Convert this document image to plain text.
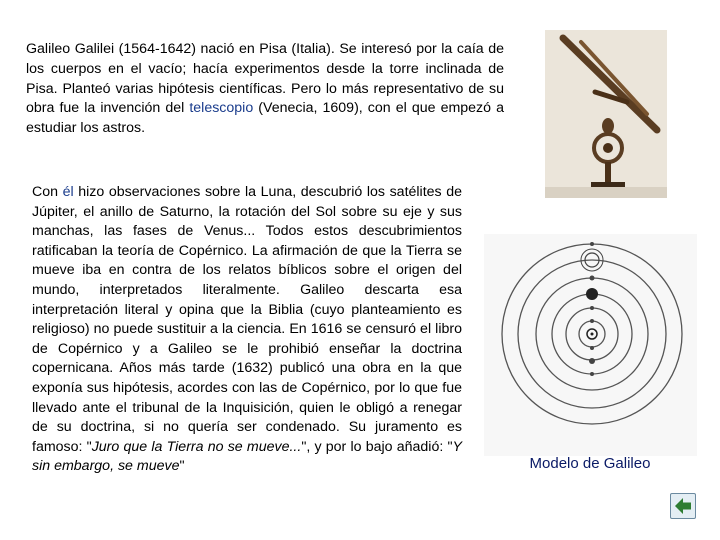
Galileo Galilei (1564-1642) nació en Pisa (Italia). Se interesó por la caía de los cuerpos en el vacío; hacía experimentos desde la torre inclinada de Pisa. Planteó varias hipótesis científicas. Pero lo más representativo de su obra fue la invención del telescopio (Venecia, 1609), con el que empezó a estudiar los astros.

Con él hizo observaciones sobre la Luna, descubrió los satélites de Júpiter, el anillo de Saturno, la rotación del Sol sobre su eje y sus manchas, las fases de Venus... Todos estos descubrimientos ratificaban la teoría de Copérnico. La afirmación de que la Tierra se mueve iba en contra de los relatos bíblicos sobre el origen del mundo, interpretados literalmente. Galileo descarta esa interpretación literal y opina que la Biblia (cuyo planteamiento es religioso) no puede sustituir a la ciencia. En 1616 se censuró el libro de Copérnico y a Galileo se le prohibió enseñar la doctrina copernicana. Años más tarde (1632) publicó una obra en la que exponía sus hipótesis, acordes con las de Copérnico, por lo que fue llevado ante el tribunal de la Inquisición, quien le obligó a renegar de su doctrina, si no quería ser condenado. Su juramento es famoso: "Juro que la Tierra no se mueve...", y por lo bajo añadió: "Y sin embargo, se mueve"	Modelo de Galileo
